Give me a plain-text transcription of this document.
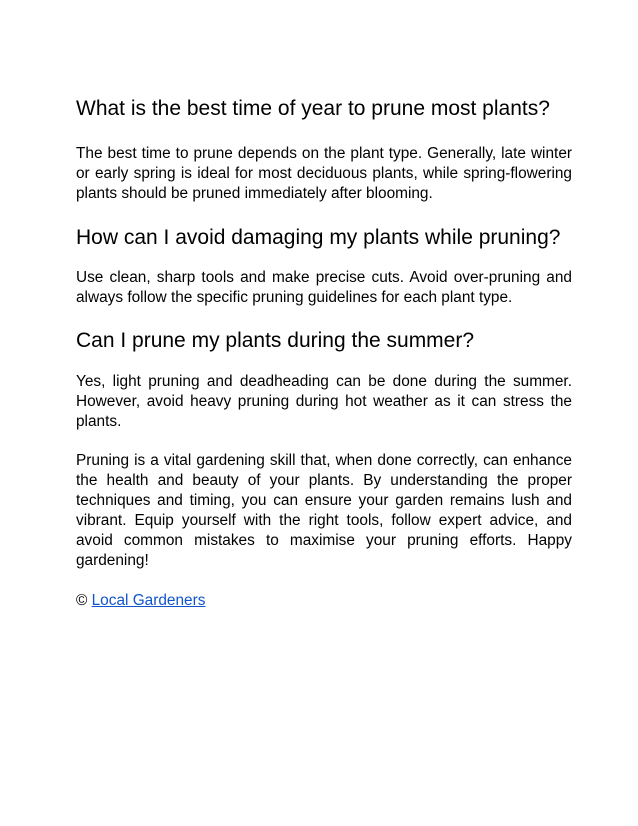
What is the best time of year to prune most plants?

The best time to prune depends on the plant type. Generally, late winter or early spring is ideal for most deciduous plants, while spring-flowering plants should be pruned immediately after blooming.

How can I avoid damaging my plants while pruning?

Use clean, sharp tools and make precise cuts. Avoid over-pruning and always follow the specific pruning guidelines for each plant type.

Can I prune my plants during the summer?

Yes, light pruning and deadheading can be done during the summer. However, avoid heavy pruning during hot weather as it can stress the plants.

Pruning is a vital gardening skill that, when done correctly, can enhance the health and beauty of your plants. By understanding the proper techniques and timing, you can ensure your garden remains lush and vibrant. Equip yourself with the right tools, follow expert advice, and avoid common mistakes to maximise your pruning efforts. Happy gardening!

© Local Gardeners
